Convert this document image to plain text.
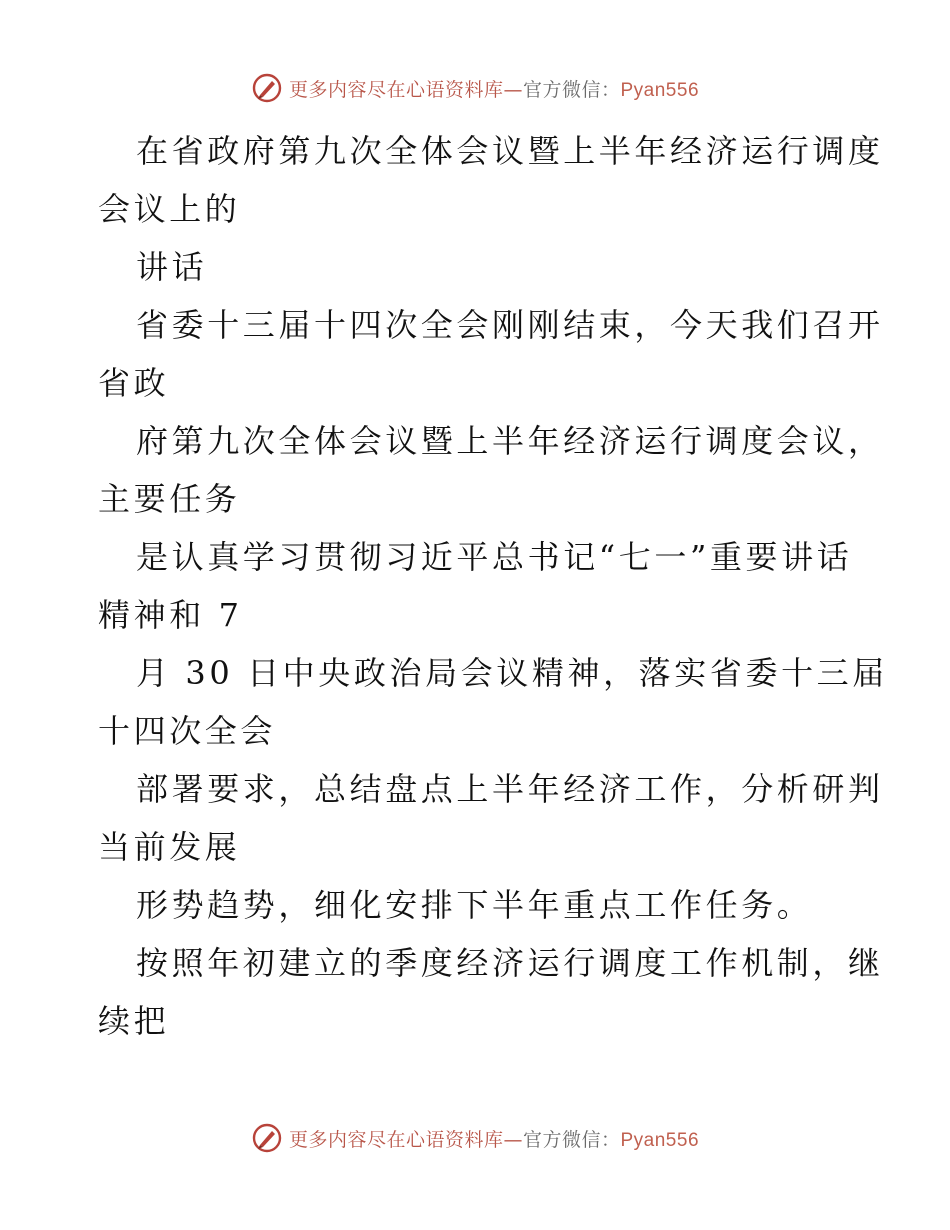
更多内容尽在心语资料库—官方微信：Pyan556
在省政府第九次全体会议暨上半年经济运行调度
会议上的
讲话
省委十三届十四次全会刚刚结束，今天我们召开
省政
府第九次全体会议暨上半年经济运行调度会议，
主要任务
是认真学习贯彻习近平总书记“七一”重要讲话
精神和 7
月 30 日中央政治局会议精神，落实省委十三届
十四次全会
部署要求，总结盘点上半年经济工作，分析研判
当前发展
形势趋势，细化安排下半年重点工作任务。
按照年初建立的季度经济运行调度工作机制，继
续把
更多内容尽在心语资料库—官方微信：Pyan556
